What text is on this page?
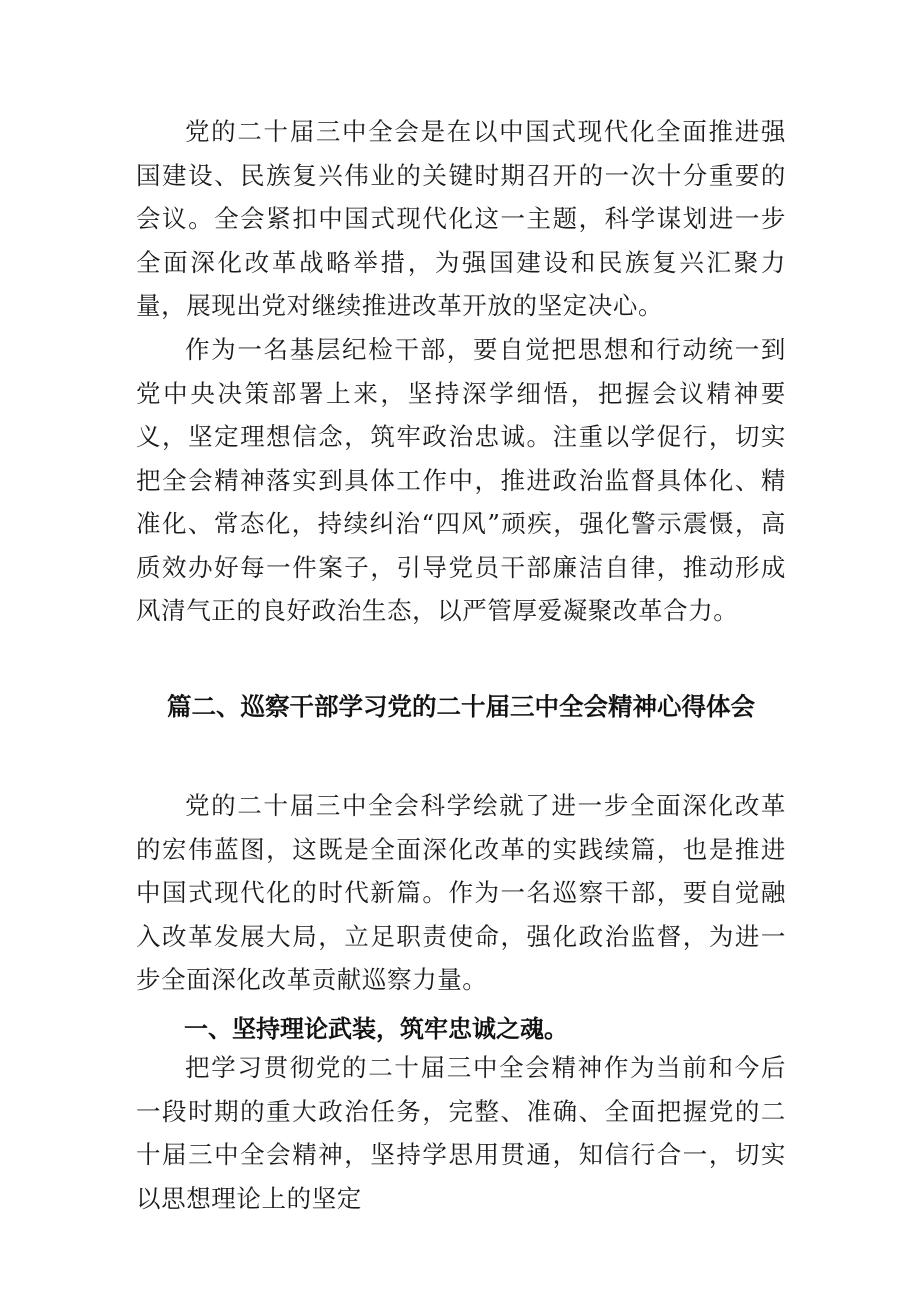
党的二十届三中全会是在以中国式现代化全面推进强国建设、民族复兴伟业的关键时期召开的一次十分重要的会议。全会紧扣中国式现代化这一主题，科学谋划进一步全面深化改革战略举措，为强国建设和民族复兴汇聚力量，展现出党对继续推进改革开放的坚定决心。

作为一名基层纪检干部，要自觉把思想和行动统一到党中央决策部署上来，坚持深学细悟，把握会议精神要义，坚定理想信念，筑牢政治忠诚。注重以学促行，切实把全会精神落实到具体工作中，推进政治监督具体化、精准化、常态化，持续纠治“四风”顽疾，强化警示震慑，高质效办好每一件案子，引导党员干部廉洁自律，推动形成风清气正的良好政治生态，以严管厚爱凝聚改革合力。

篇二、巡察干部学习党的二十届三中全会精神心得体会

党的二十届三中全会科学绘就了进一步全面深化改革的宏伟蓝图，这既是全面深化改革的实践续篇，也是推进中国式现代化的时代新篇。作为一名巡察干部，要自觉融入改革发展大局，立足职责使命，强化政治监督，为进一步全面深化改革贡献巡察力量。

一、坚持理论武装，筑牢忠诚之魂。

把学习贯彻党的二十届三中全会精神作为当前和今后一段时期的重大政治任务，完整、准确、全面把握党的二十届三中全会精神，坚持学思用贯通，知信行合一，切实以思想理论上的坚定
